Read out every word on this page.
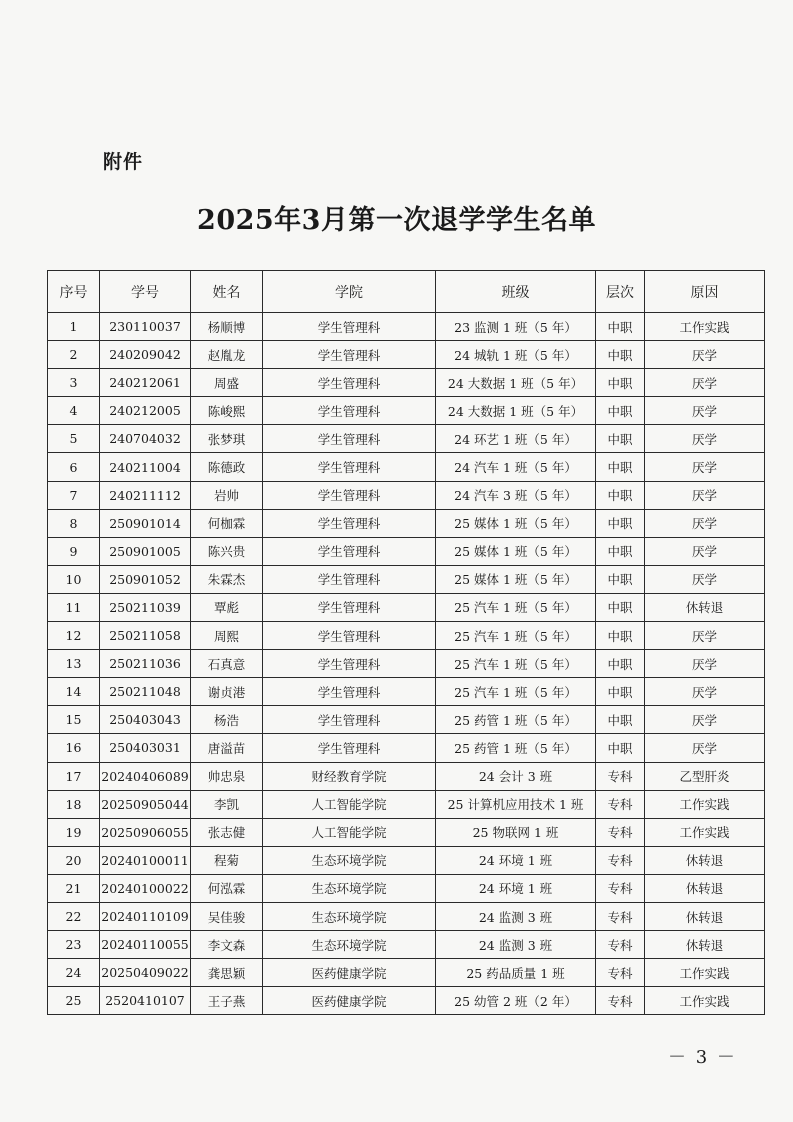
附件
2025年3月第一次退学学生名单
序号	学号	姓名	学院	班级	层次	原因
1	230110037	杨顺博	学生管理科	23 监测 1 班（5 年）	中职	工作实践
2	240209042	赵胤龙	学生管理科	24 城轨 1 班（5 年）	中职	厌学
3	240212061	周盛	学生管理科	24 大数据 1 班（5 年）	中职	厌学
4	240212005	陈峻熙	学生管理科	24 大数据 1 班（5 年）	中职	厌学
5	240704032	张梦琪	学生管理科	24 环艺 1 班（5 年）	中职	厌学
6	240211004	陈德政	学生管理科	24 汽车 1 班（5 年）	中职	厌学
7	240211112	岩帅	学生管理科	24 汽车 3 班（5 年）	中职	厌学
8	250901014	何枷霖	学生管理科	25 媒体 1 班（5 年）	中职	厌学
9	250901005	陈兴贵	学生管理科	25 媒体 1 班（5 年）	中职	厌学
10	250901052	朱霖杰	学生管理科	25 媒体 1 班（5 年）	中职	厌学
11	250211039	覃彪	学生管理科	25 汽车 1 班（5 年）	中职	休转退
12	250211058	周熙	学生管理科	25 汽车 1 班（5 年）	中职	厌学
13	250211036	石真意	学生管理科	25 汽车 1 班（5 年）	中职	厌学
14	250211048	谢贞港	学生管理科	25 汽车 1 班（5 年）	中职	厌学
15	250403043	杨浩	学生管理科	25 药管 1 班（5 年）	中职	厌学
16	250403031	唐溢苗	学生管理科	25 药管 1 班（5 年）	中职	厌学
17	20240406089	帅忠泉	财经教育学院	24 会计 3 班	专科	乙型肝炎
18	20250905044	李凯	人工智能学院	25 计算机应用技术 1 班	专科	工作实践
19	20250906055	张志健	人工智能学院	25 物联网 1 班	专科	工作实践
20	20240100011	程菊	生态环境学院	24 环境 1 班	专科	休转退
21	20240100022	何泓霖	生态环境学院	24 环境 1 班	专科	休转退
22	20240110109	吴佳骏	生态环境学院	24 监测 3 班	专科	休转退
23	20240110055	李文森	生态环境学院	24 监测 3 班	专科	休转退
24	20250409022	龚思颖	医药健康学院	25 药品质量 1 班	专科	工作实践
25	2520410107	王子燕	医药健康学院	25 幼管 2 班（2 年）	专科	工作实践
－ 3 －
